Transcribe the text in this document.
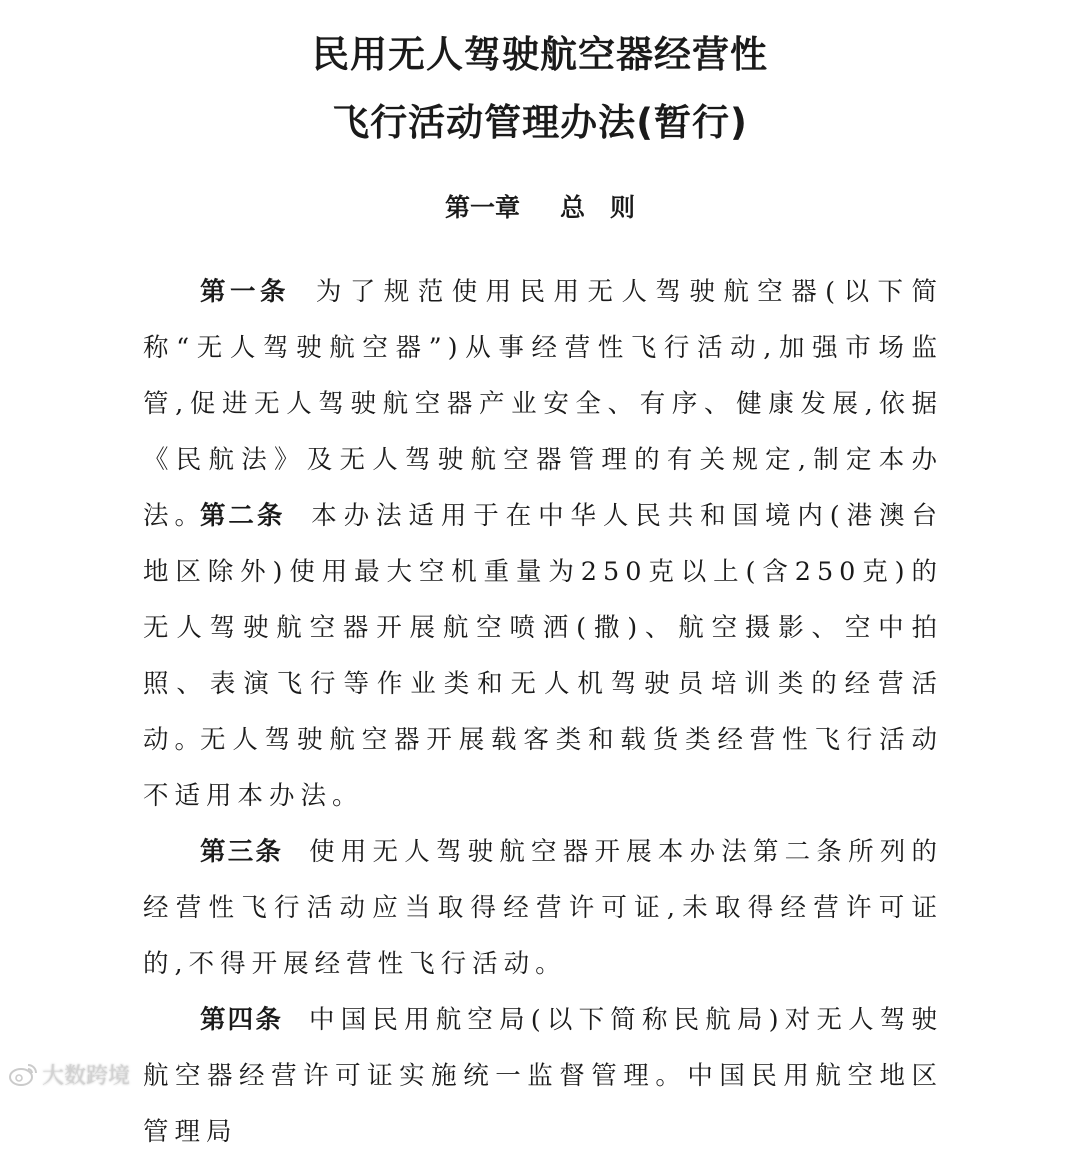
民用无人驾驶航空器经营性
飞行活动管理办法(暂行)
第一章 总　则
第一条 为了规范使用民用无人驾驶航空器(以下简称“无人驾驶航空器”)从事经营性飞行活动,加强市场监管,促进无人驾驶航空器产业安全、有序、健康发展,依据《民航法》及无人驾驶航空器管理的有关规定,制定本办法。
第二条 本办法适用于在中华人民共和国境内(港澳台地区除外)使用最大空机重量为250克以上(含250克)的无人驾驶航空器开展航空喷洒(撒)、航空摄影、空中拍照、表演飞行等作业类和无人机驾驶员培训类的经营活动。
无人驾驶航空器开展载客类和载货类经营性飞行活动不适用本办法。
第三条 使用无人驾驶航空器开展本办法第二条所列的经营性飞行活动应当取得经营许可证,未取得经营许可证的,不得开展经营性飞行活动。
第四条 中国民用航空局(以下简称民航局)对无人驾驶航空器经营许可证实施统一监督管理。中国民用航空地区管理局
大数跨境
